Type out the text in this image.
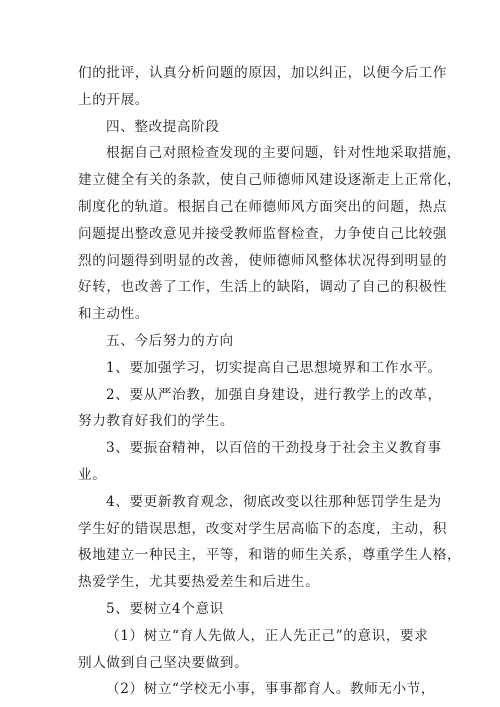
们的批评，认真分析问题的原因，加以纠正，以便今后工作
上的开展。
四、整改提高阶段
根据自己对照检查发现的主要问题，针对性地采取措施，
建立健全有关的条款，使自己师德师风建设逐渐走上正常化，
制度化的轨道。根据自己在师德师风方面突出的问题，热点
问题提出整改意见并接受教师监督检查，力争使自己比较强
烈的问题得到明显的改善，使师德师风整体状况得到明显的
好转，也改善了工作，生活上的缺陷，调动了自己的积极性
和主动性。
五、今后努力的方向
1、要加强学习，切实提高自己思想境界和工作水平。
2、要从严治教，加强自身建设，进行教学上的改革，
努力教育好我们的学生。
3、要振奋精神，以百倍的干劲投身于社会主义教育事
业。
4、要更新教育观念，彻底改变以往那种惩罚学生是为
学生好的错误思想，改变对学生居高临下的态度，主动，积
极地建立一种民主，平等，和谐的师生关系，尊重学生人格，
热爱学生，尤其要热爱差生和后进生。
5、要树立4个意识
（1）树立“育人先做人，正人先正己”的意识，要求
别人做到自己坚决要做到。
（2）树立“学校无小事，事事都育人。教师无小节，
